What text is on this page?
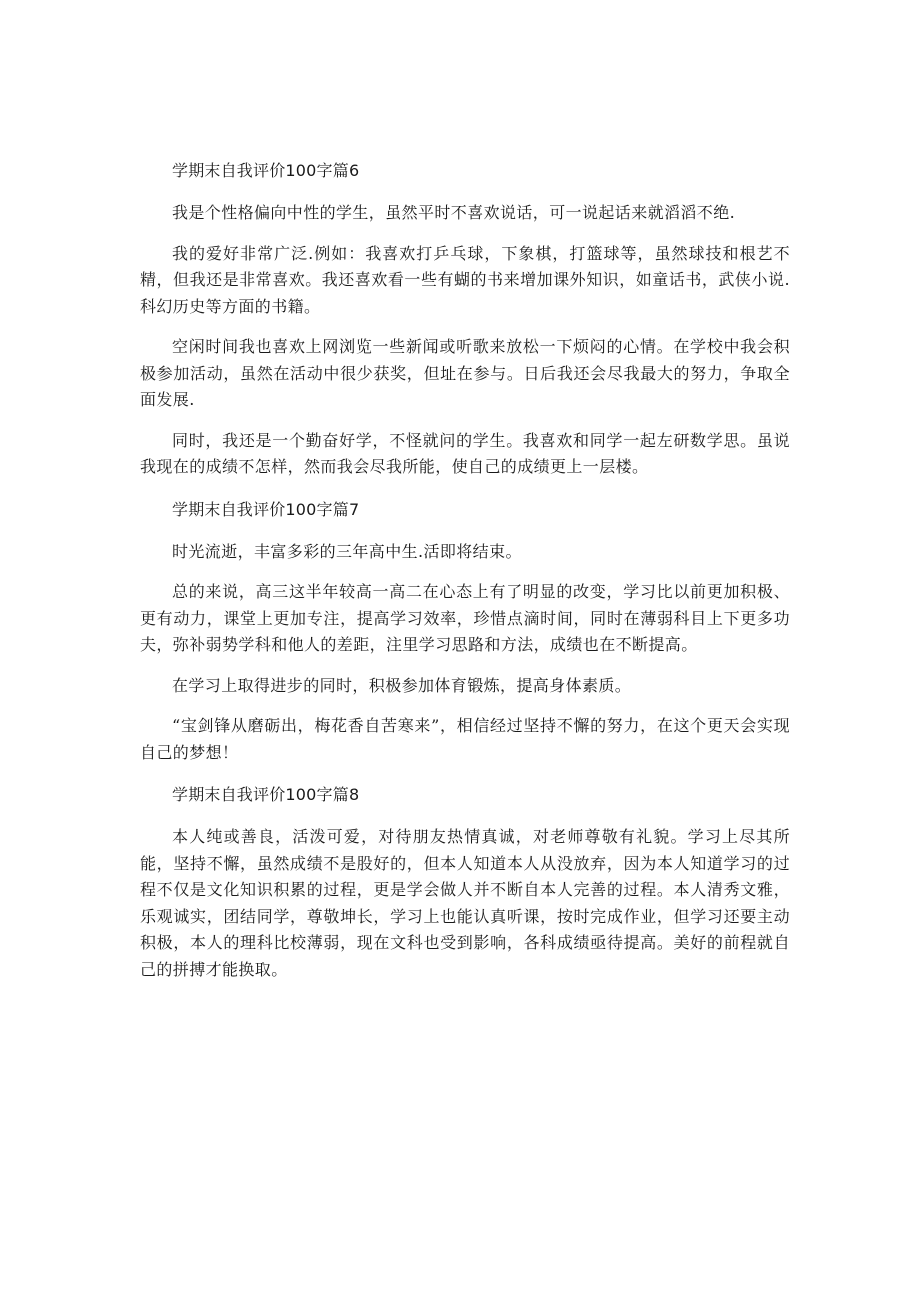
学期末自我评价100字篇6

我是个性格偏向中性的学生，虽然平时不喜欢说话，可一说起话来就滔滔不绝.

我的爱好非常广泛.例如：我喜欢打乒乓球，下象棋，打篮球等，虽然球技和根艺不精，但我还是非常喜欢。我还喜欢看一些有蝴的书来增加课外知识，如童话书，武侠小说.科幻历史等方面的书籍。

空闲时间我也喜欢上网浏览一些新闻或听歌来放松一下烦闷的心情。在学校中我会积极参加活动，虽然在活动中很少获奖，但址在参与。日后我还会尽我最大的努力，争取全面发展.

同时，我还是一个勤奋好学，不怪就问的学生。我喜欢和同学一起左研数学思。虽说我现在的成绩不怎样，然而我会尽我所能，使自己的成绩更上一层楼。

学期末自我评价100字篇7

时光流逝，丰富多彩的三年高中生.活即将结束。

总的来说，高三这半年较高一高二在心态上有了明显的改变，学习比以前更加积极、更有动力，课堂上更加专注，提高学习效率，珍惜点滴时间，同时在薄弱科目上下更多功夫，弥补弱势学科和他人的差距，注里学习思路和方法，成绩也在不断提高。

在学习上取得进步的同时，积极参加体育锻炼，提高身体素质。

“宝剑锋从磨砺出，梅花香自苦寒来”，相信经过坚持不懈的努力，在这个更天会实现自己的梦想！

学期末自我评价100字篇8

本人纯或善良，活泼可爱，对待朋友热情真诚，对老师尊敬有礼貌。学习上尽其所能，坚持不懈，虽然成绩不是股好的，但本人知道本人从没放弃，因为本人知道学习的过程不仅是文化知识积累的过程，更是学会做人并不断自本人完善的过程。本人清秀文雅，乐观诚实，团结同学，尊敬坤长，学习上也能认真听课，按时完成作业，但学习还要主动积极，本人的理科比校薄弱，现在文科也受到影响，各科成绩亟待提高。美好的前程就自己的拼搏才能换取。
